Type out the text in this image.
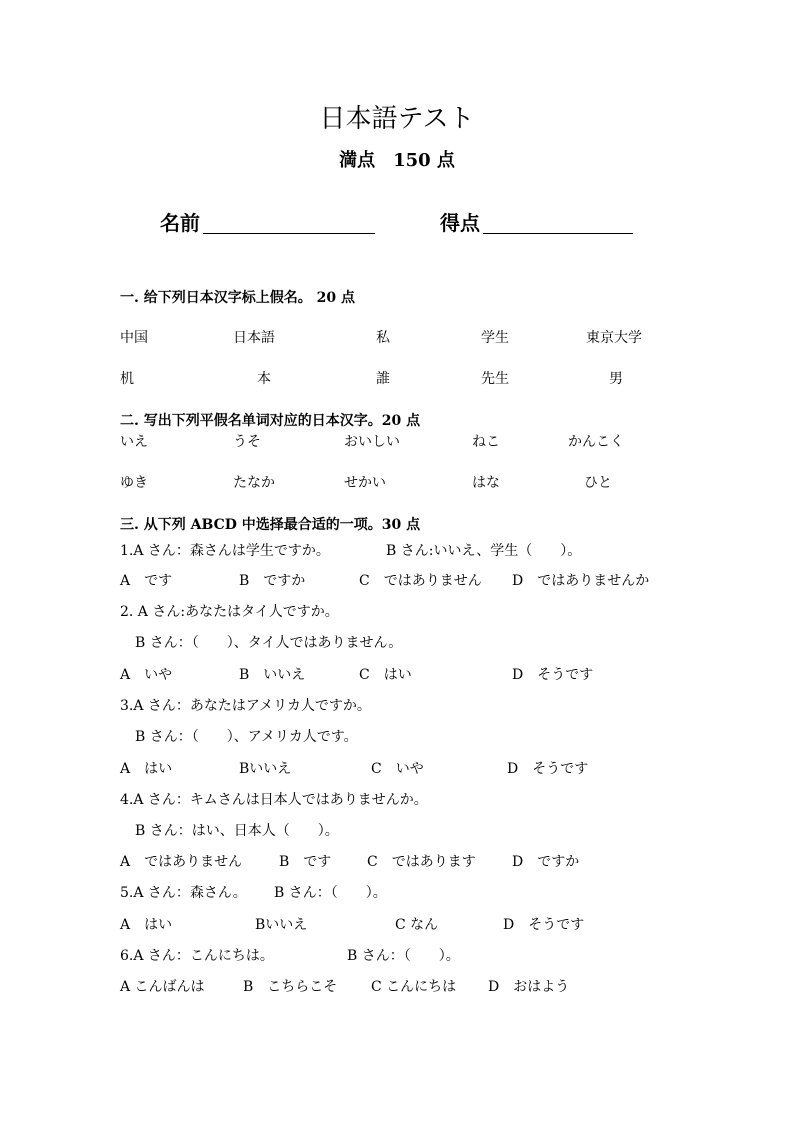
日本語テスト
満点　150 点
名前	得点
一. 给下列日本汉字标上假名。 20 点
中国	日本語	私	学生	東京大学
机	本	誰	先生	男
二. 写出下列平假名单词对应的日本汉字。20 点
いえ	うそ	おいしい	ねこ	かんこく
ゆき	たなか	せかい	はな	ひと
三. 从下列 ABCD 中选择最合适的一项。30 点
1.A さん：森さんは学生ですか。	B さん:いいえ、学生（　　）。
A　です	B　ですか	C　ではありません D　ではありませんか
2. A さん:あなたはタイ人ですか。
B さん：（　　）、タイ人ではありません。
A　いや	B　いいえ	C　はい	D　そうです
3.A さん：あなたはアメリカ人ですか。
B さん：（　　）、アメリカ人です。
A　はい	Bいいえ	C　いや	D　そうです
4.A さん：キムさんは日本人ではありませんか。
B さん：はい、日本人（　　）。
A　ではありません	B　です	C　ではあります	D　ですか
5.A さん：森さん。 B さん：（　　）。
A　はい	Bいいえ	C なん	D　そうです
6.A さん：こんにちは。	B さん：（　　）。
A こんばんは	B　こちらこそ C こんにちは D　おはよう
